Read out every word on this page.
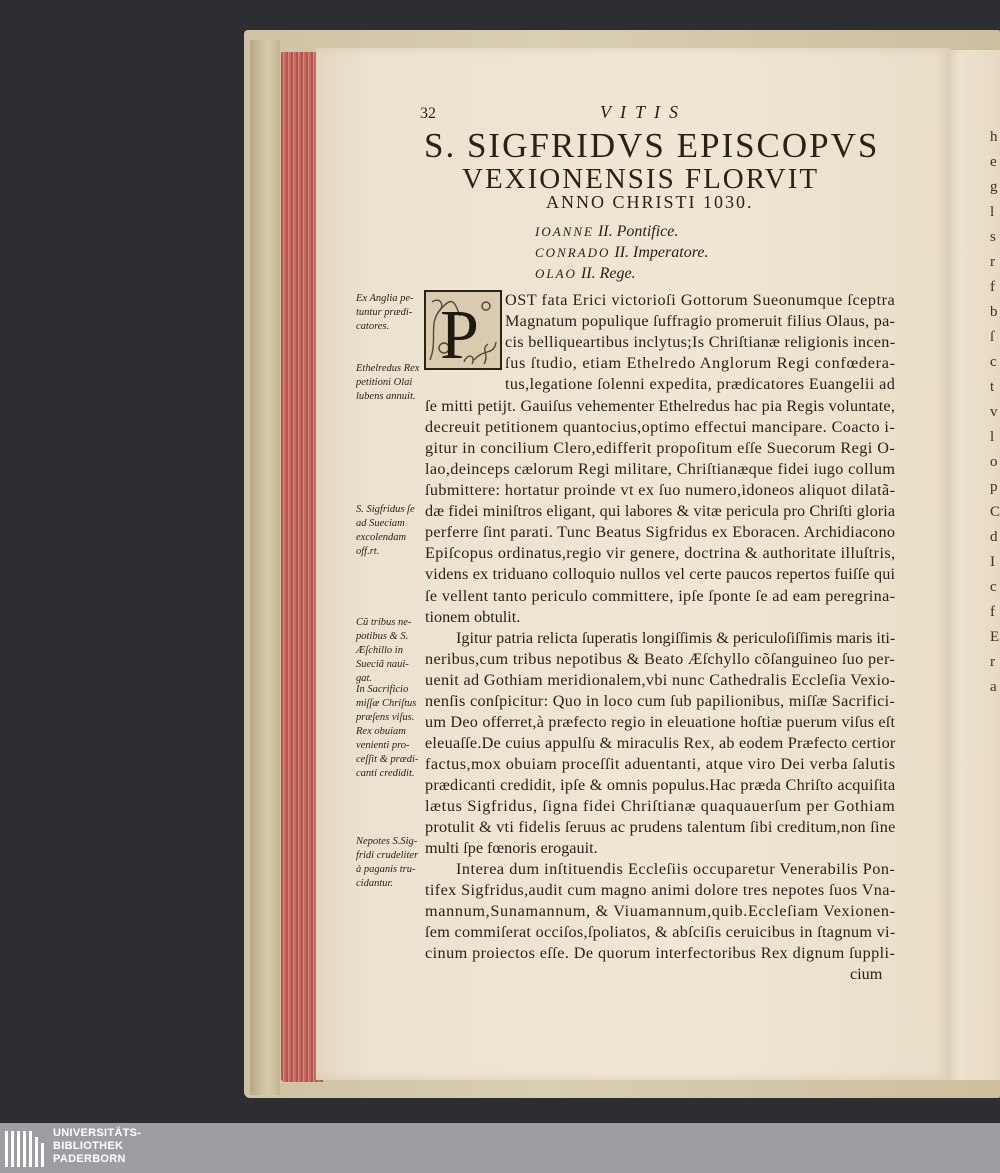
h
e
g
l
s
r
f
b
ſ
c
t
v
l
o
p
C
d
I
c
f
E
r
a
32	VITIS
S. SIGFRIDVS EPISCOPVS
VEXIONENSIS FLORVIT
ANNO CHRISTI 1030.
IOANNE II. Pontifice.
CONRADO II. Imperatore.
OLAO II. Rege.
Ex Anglia pe-
tuntur prædi-
catores.
Ethelredus Rex
petitioni Olai
lubens annuit.
S. Sigfridus ſe
ad Sueciam
excolendam
off.rt.
Cũ tribus ne-
potibus & S.
Æſchillo in
Sueciã naui-
gat.
In Sacrificio
miſſæ Chriſtus
præſens viſus.
Rex obuiam
venienti pro-
ceſſit & prædi-
canti credidit.
Nepotes S.Sig-
fridi crudeliter
à paganis tru-
cidantur.
P OST fata Erici victorioſi Gottorum Sueonumque ſceptra
Magnatum populique ſuffragio promeruit filius Olaus, pa-
cis belliqueartibus inclytus;Is Chriſtianæ religionis incen-
ſus ſtudio, etiam Ethelredo Anglorum Regi confœdera-
tus,legatione ſolenni expedita, prædicatores Euangelii ad
ſe mitti petijt. Gauiſus vehementer Ethelredus hac pia Regis voluntate,
decreuit petitionem quantocius,optimo effectui mancipare. Coacto i-
gitur in concilium Clero,edifferit propoſitum eſſe Suecorum Regi O-
lao,deinceps cælorum Regi militare, Chriſtianæque fidei iugo collum
ſubmittere: hortatur proinde vt ex ſuo numero,idoneos aliquot dilatã-
dæ fidei miniſtros eligant, qui labores & vitæ pericula pro Chriſti gloria
perferre ſint parati. Tunc Beatus Sigfridus ex Eboracen. Archidiacono
Epiſcopus ordinatus,regio vir genere, doctrina & authoritate illuſtris,
videns ex triduano colloquio nullos vel certe paucos repertos fuiſſe qui
ſe vellent tanto periculo committere, ipſe ſponte ſe ad eam peregrina-
tionem obtulit.
Igitur patria relicta ſuperatis longiſſimis & periculoſiſſimis maris iti-
neribus,cum tribus nepotibus & Beato Æſchyllo cõſanguineo ſuo per-
uenit ad Gothiam meridionalem,vbi nunc Cathedralis Eccleſia Vexio-
nenſis conſpicitur: Quo in loco cum ſub papilionibus, miſſæ Sacrifici-
um Deo offerret,à præfecto regio in eleuatione hoſtiæ puerum viſus eſt
eleuaſſe.De cuius appulſu & miraculis Rex, ab eodem Præfecto certior
factus,mox obuiam proceſſit aduentanti, atque viro Dei verba ſalutis
prædicanti credidit, ipſe & omnis populus.Hac præda Chriſto acquiſita
lætus Sigfridus, ſigna fidei Chriſtianæ quaquauerſum per Gothiam
protulit & vti fidelis ſeruus ac prudens talentum ſibi creditum,non ſine
multi ſpe fœnoris erogauit.
Interea dum inſtituendis Eccleſiis occuparetur Venerabilis Pon-
tifex Sigfridus,audit cum magno animi dolore tres nepotes ſuos Vna-
mannum,Sunamannum, & Viuamannum,quib.Eccleſiam Vexionen-
ſem commiſerat occiſos,ſpoliatos, & abſciſis ceruicibus in ſtagnum vi-
cinum proiectos eſſe. De quorum interfectoribus Rex dignum ſuppli-
cium
UNIVERSITÄTS-
BIBLIOTHEK
PADERBORN
